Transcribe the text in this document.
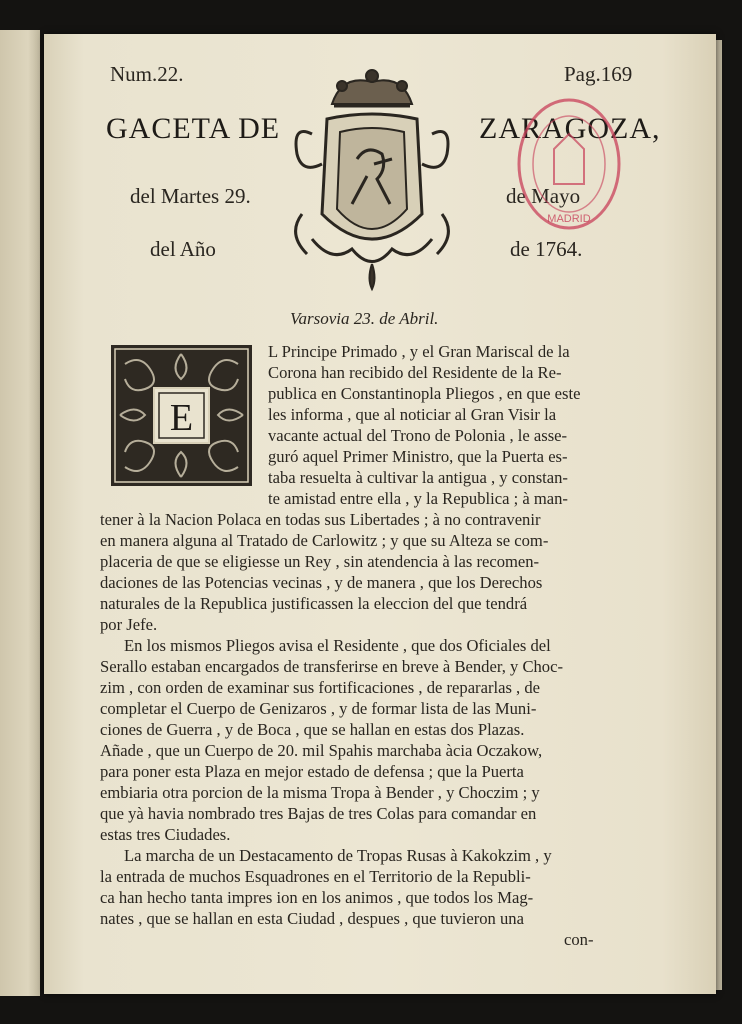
Num.22.	Pag.169
GACETA DE	ZARAGOZA,
del Martes 29.	de Mayo
del Año	de 1764.
MADRID
Varsovia 23. de Abril.
E
L Principe Primado , y el Gran Mariscal de la
Corona han recibido del Residente de la Re-
publica en Constantinopla Pliegos , en que este
les informa , que al noticiar al Gran Visir la
vacante actual del Trono de Polonia , le asse-
guró aquel Primer Ministro, que la Puerta es-
taba resuelta à cultivar la antigua , y constan-
te amistad entre ella , y la Republica ; à man-
tener à la Nacion Polaca en todas sus Libertades ; à no contravenir
en manera alguna al Tratado de Carlowitz ; y que su Alteza se com-
placeria de que se eligiesse un Rey , sin atendencia à las recomen-
daciones de las Potencias vecinas , y de manera , que los Derechos
naturales de la Republica justificassen la eleccion del que tendrá
por Jefe.
En los mismos Pliegos avisa el Residente , que dos Oficiales del
Serallo estaban encargados de transferirse en breve à Bender, y Choc-
zim , con orden de examinar sus fortificaciones , de repararlas , de
completar el Cuerpo de Genizaros , y de formar lista de las Muni-
ciones de Guerra , y de Boca , que se hallan en estas dos Plazas.
Añade , que un Cuerpo de 20. mil Spahis marchaba àcia Oczakow,
para poner esta Plaza en mejor estado de defensa ; que la Puerta
embiaria otra porcion de la misma Tropa à Bender , y Choczim ; y
que yà havia nombrado tres Bajas de tres Colas para comandar en
estas tres Ciudades.
La marcha de un Destacamento de Tropas Rusas à Kakokzim , y
la entrada de muchos Esquadrones en el Territorio de la Republi-
ca han hecho tanta impres ion en los animos , que todos los Mag-
nates , que se hallan en esta Ciudad , despues , que tuvieron una
con-
